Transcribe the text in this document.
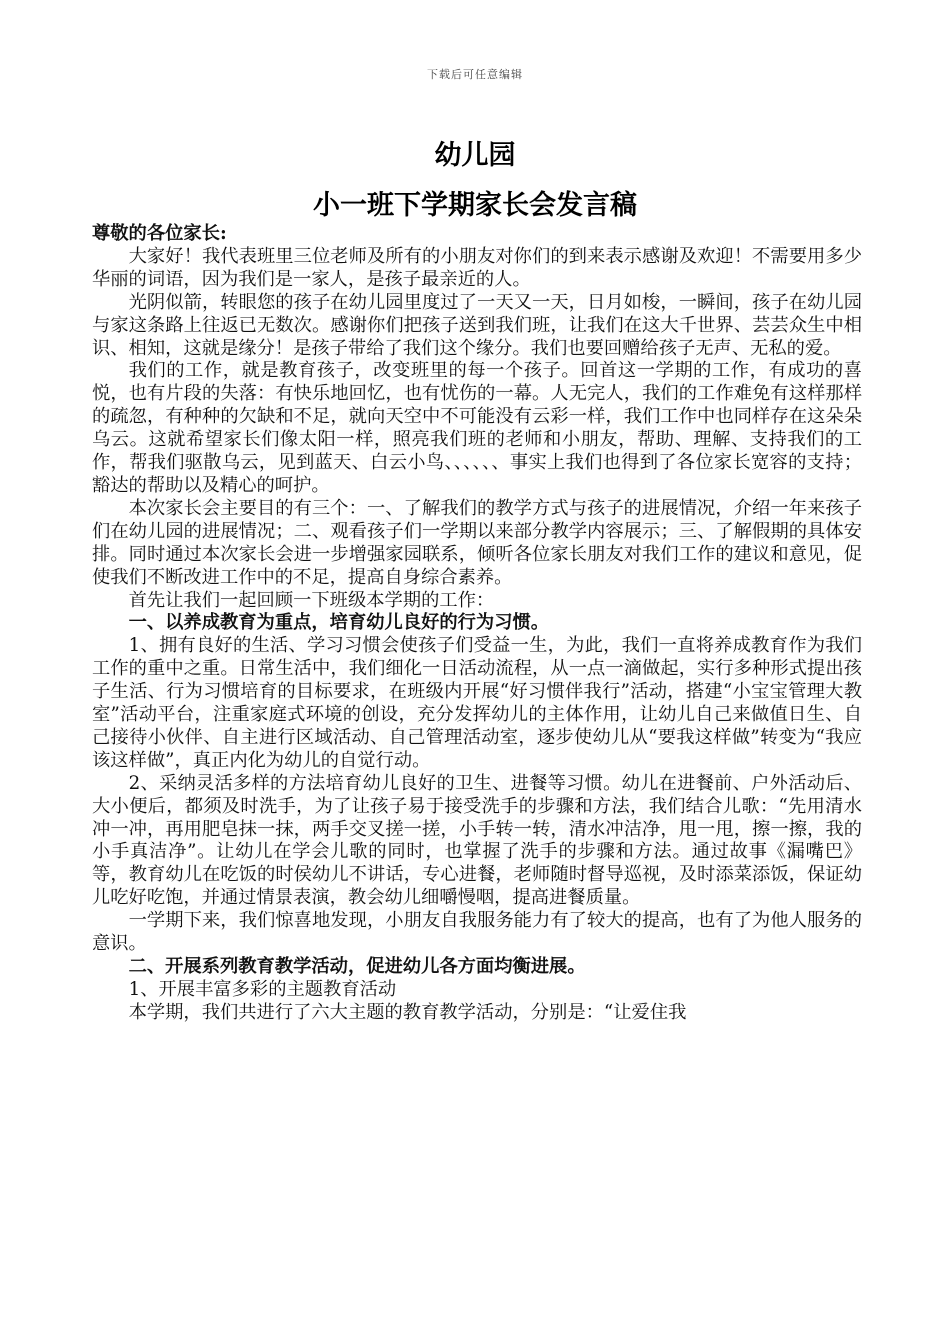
下载后可任意编辑
幼儿园
小一班下学期家长会发言稿

尊敬的各位家长:

大家好！我代表班里三位老师及所有的小朋友对你们的到来表示感谢及欢迎！不需要用多少华丽的词语，因为我们是一家人，是孩子最亲近的人。

光阴似箭，转眼您的孩子在幼儿园里度过了一天又一天，日月如梭，一瞬间，孩子在幼儿园与家这条路上往返已无数次。感谢你们把孩子送到我们班，让我们在这大千世界、芸芸众生中相识、相知，这就是缘分！是孩子带给了我们这个缘分。我们也要回赠给孩子无声、无私的爱。

我们的工作，就是教育孩子，改变班里的每一个孩子。回首这一学期的工作，有成功的喜悦，也有片段的失落：有快乐地回忆，也有忧伤的一幕。人无完人，我们的工作难免有这样那样的疏忽，有种种的欠缺和不足，就向天空中不可能没有云彩一样，我们工作中也同样存在这朵朵乌云。这就希望家长们像太阳一样，照亮我们班的老师和小朋友，帮助、理解、支持我们的工作，帮我们驱散乌云，见到蓝天、白云小鸟、、、、、、事实上我们也得到了各位家长宽容的支持；豁达的帮助以及精心的呵护。

本次家长会主要目的有三个：一、了解我们的教学方式与孩子的进展情况，介绍一年来孩子们在幼儿园的进展情况；二、观看孩子们一学期以来部分教学内容展示；三、了解假期的具体安排。同时通过本次家长会进一步增强家园联系，倾听各位家长朋友对我们工作的建议和意见，促使我们不断改进工作中的不足，提高自身综合素养。

首先让我们一起回顾一下班级本学期的工作：

一、以养成教育为重点，培育幼儿良好的行为习惯。

1、拥有良好的生活、学习习惯会使孩子们受益一生，为此，我们一直将养成教育作为我们工作的重中之重。日常生活中，我们细化一日活动流程，从一点一滴做起，实行多种形式提出孩子生活、行为习惯培育的目标要求，在班级内开展“好习惯伴我行”活动，搭建“小宝宝管理大教室”活动平台，注重家庭式环境的创设，充分发挥幼儿的主体作用，让幼儿自己来做值日生、自己接待小伙伴、自主进行区域活动、自己管理活动室，逐步使幼儿从“要我这样做”转变为“我应该这样做”，真正内化为幼儿的自觉行动。

2、采纳灵活多样的方法培育幼儿良好的卫生、进餐等习惯。幼儿在进餐前、户外活动后、大小便后，都须及时洗手，为了让孩子易于接受洗手的步骤和方法，我们结合儿歌：“先用清水冲一冲，再用肥皂抹一抹，两手交叉搓一搓，小手转一转，清水冲洁净，甩一甩，擦一擦，我的小手真洁净”。让幼儿在学会儿歌的同时，也掌握了洗手的步骤和方法。通过故事《漏嘴巴》等，教育幼儿在吃饭的时侯幼儿不讲话，专心进餐，老师随时督导巡视，及时添菜添饭，保证幼儿吃好吃饱，并通过情景表演，教会幼儿细嚼慢咽，提高进餐质量。

一学期下来，我们惊喜地发现，小朋友自我服务能力有了较大的提高，也有了为他人服务的意识。

二、开展系列教育教学活动，促进幼儿各方面均衡进展。

1、开展丰富多彩的主题教育活动

本学期，我们共进行了六大主题的教育教学活动，分别是：“让爱住我
